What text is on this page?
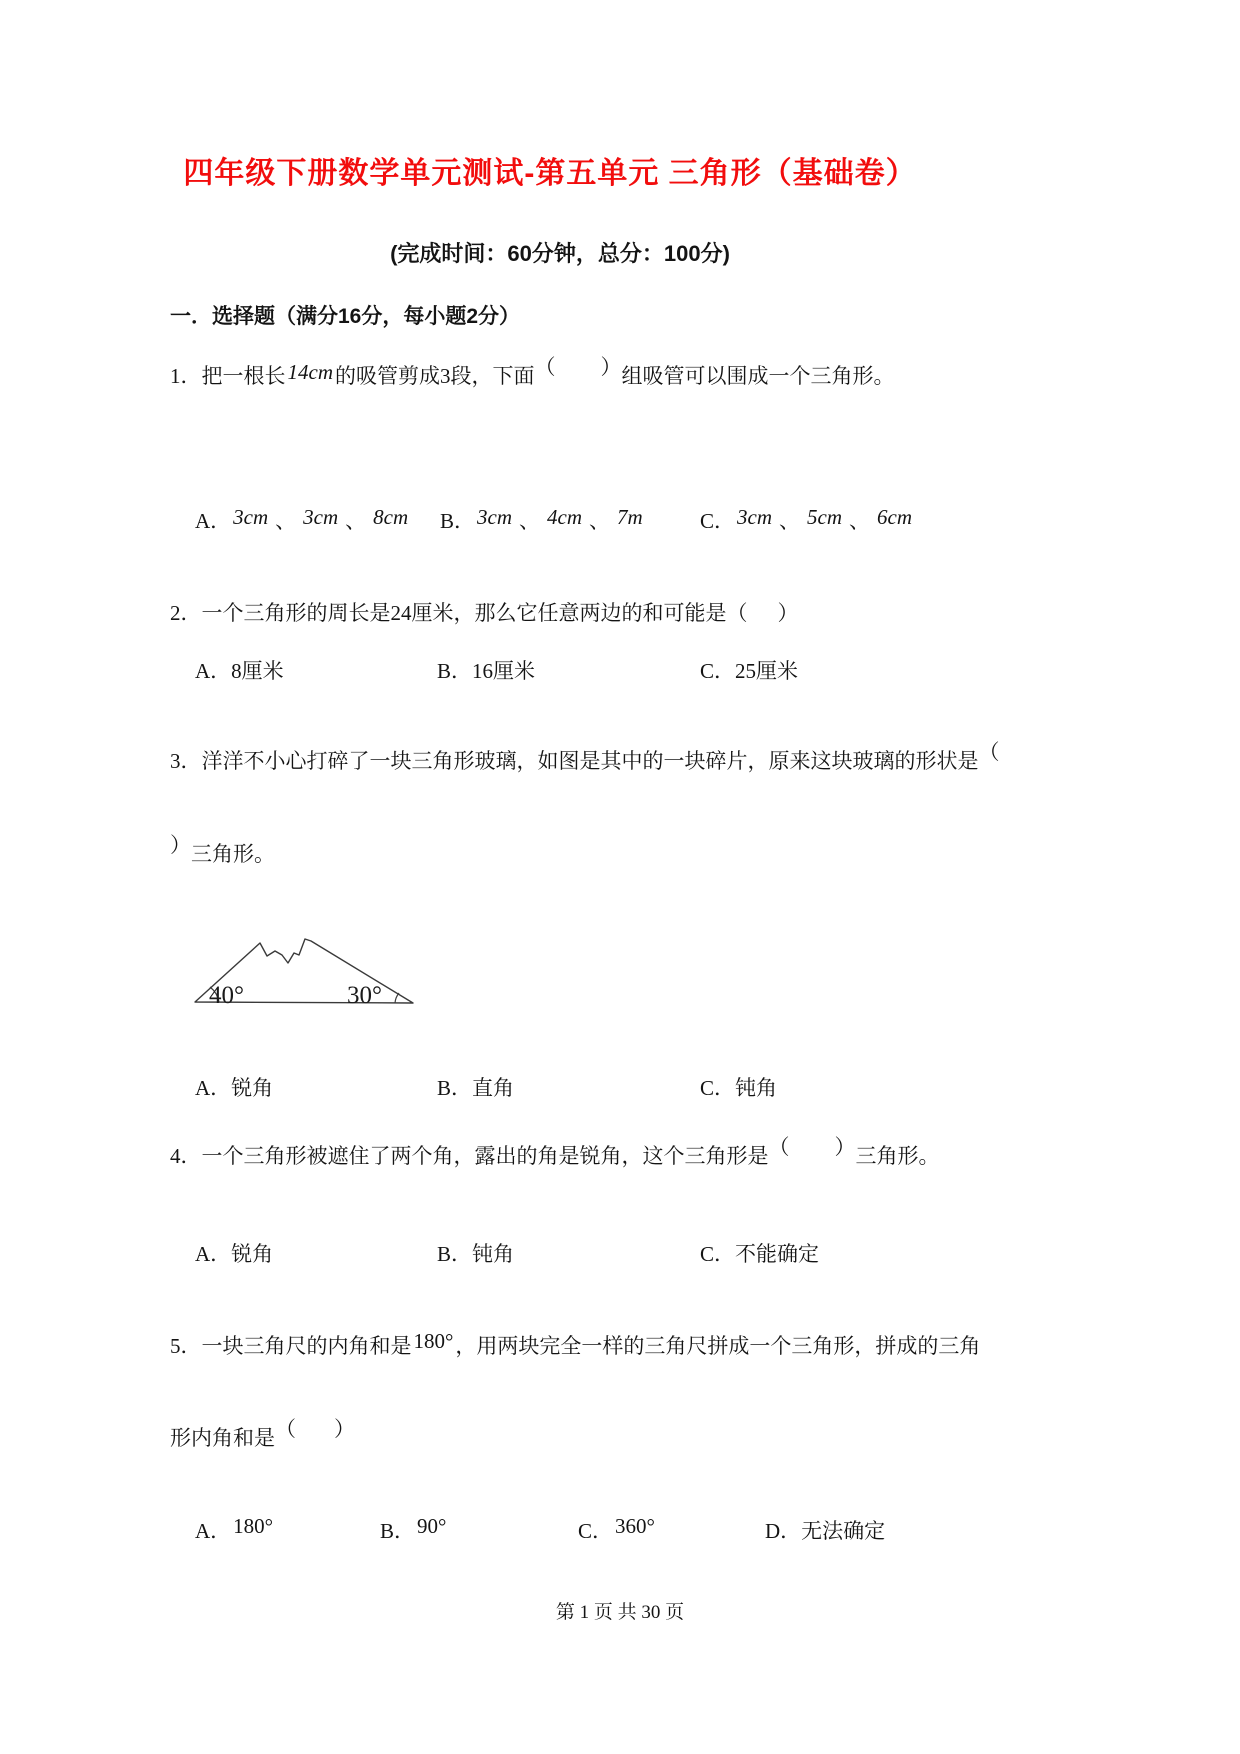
四年级下册数学单元测试-第五单元 三角形（基础卷）
(完成时间：60分钟，总分：100分)
一．选择题（满分16分，每小题2分）
1．把一根长14cm的吸管剪成3段，下面（ ）组吸管可以围成一个三角形。
A．3cm 、 3cm 、 8cm B．3cm 、 4cm 、 7m	C．3cm 、 5cm 、 6cm
2．一个三角形的周长是24厘米，那么它任意两边的和可能是（ ）
A．8厘米	B．16厘米	C．25厘米
3．洋洋不小心打碎了一块三角形玻璃，如图是其中的一块碎片，原来这块玻璃的形状是（
）三角形。
40°	30°
A．锐角	B．直角	C．钝角
4．一个三角形被遮住了两个角，露出的角是锐角，这个三角形是（ ）三角形。
A．锐角	B．钝角	C．不能确定
5．一块三角尺的内角和是180°，用两块完全一样的三角尺拼成一个三角形，拼成的三角
形内角和是（ ）
A．180°	B．90°	C．360°	D．无法确定
第 1 页 共 30 页
